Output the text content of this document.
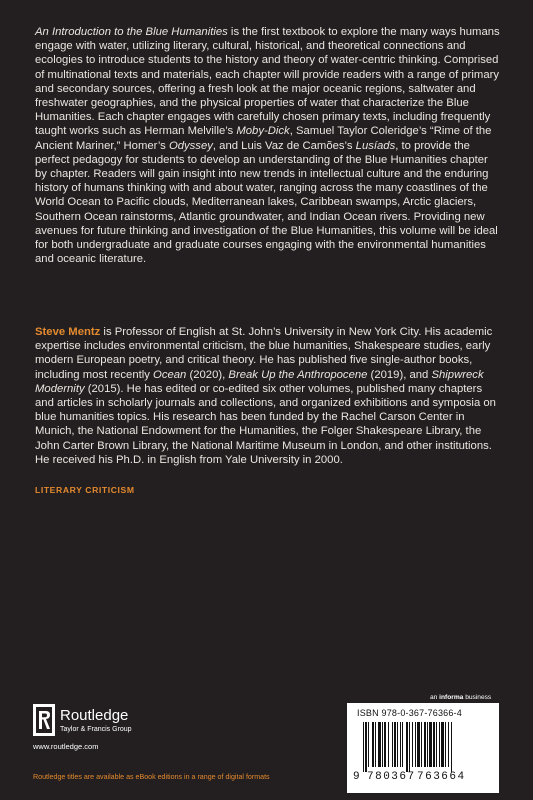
An Introduction to the Blue Humanities is the first textbook to explore the many ways humans engage with water, utilizing literary, cultural, historical, and theoretical connections and ecologies to introduce students to the history and theory of water-centric thinking. Comprised of multinational texts and materials, each chapter will provide readers with a range of primary and secondary sources, offering a fresh look at the major oceanic regions, saltwater and freshwater geographies, and the physical properties of water that characterize the Blue Humanities. Each chapter engages with carefully chosen primary texts, including frequently taught works such as Herman Melville’s Moby-Dick, Samuel Taylor Coleridge’s “Rime of the Ancient Mariner,” Homer’s Odyssey, and Luis Vaz de Camões’s Lusíads, to provide the perfect pedagogy for students to develop an understanding of the Blue Humanities chapter by chapter. Readers will gain insight into new trends in intellectual culture and the enduring history of humans thinking with and about water, ranging across the many coastlines of the World Ocean to Pacific clouds, Mediterranean lakes, Caribbean swamps, Arctic glaciers, Southern Ocean rainstorms, Atlantic groundwater, and Indian Ocean rivers. Providing new avenues for future thinking and investigation of the Blue Humanities, this volume will be ideal for both undergraduate and graduate courses engaging with the environmental humanities and oceanic literature.
Steve Mentz is Professor of English at St. John’s University in New York City. His academic expertise includes environmental criticism, the blue humanities, Shakespeare studies, early modern European poetry, and critical theory. He has published five single-author books, including most recently Ocean (2020), Break Up the Anthropocene (2019), and Shipwreck Modernity (2015). He has edited or co-edited six other volumes, published many chapters and articles in scholarly journals and collections, and organized exhibitions and symposia on blue humanities topics. His research has been funded by the Rachel Carson Center in Munich, the National Endowment for the Humanities, the Folger Shakespeare Library, the John Carter Brown Library, the National Maritime Museum in London, and other institutions. He received his Ph.D. in English from Yale University in 2000.
LITERARY CRITICISM
an informa business
Routledge
Taylor & Francis Group
www.routledge.com
Routledge titles are available as eBook editions in a range of digital formats
ISBN 978-0-367-76366-4
9 780367 763664
